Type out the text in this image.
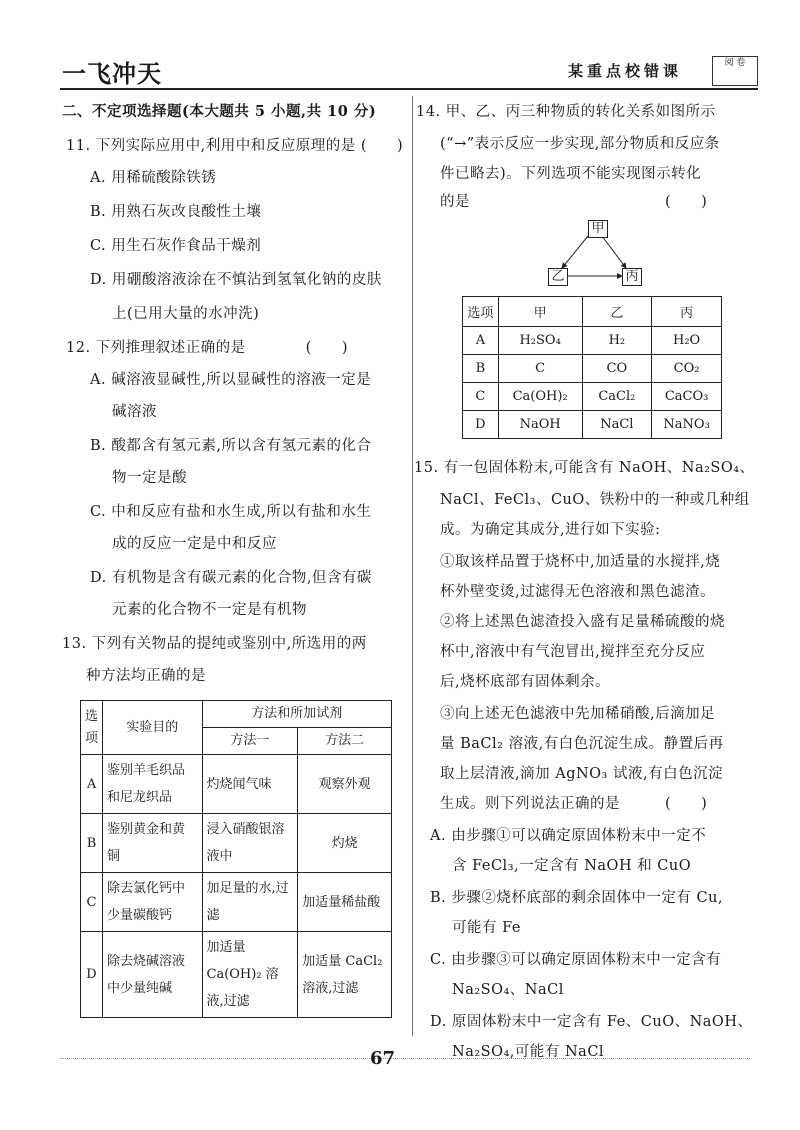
一飞冲天	某重点校错课	阅 卷
二、不定项选择题(本大题共 5 小题,共 10 分)
11. 下列实际应用中,利用中和反应原理的是 (　　)
A. 用稀硫酸除铁锈
B. 用熟石灰改良酸性土壤
C. 用生石灰作食品干燥剂
D. 用硼酸溶液涂在不慎沾到氢氧化钠的皮肤
上(已用大量的水冲洗)
12. 下列推理叙述正确的是　　　　(　　)
A. 碱溶液显碱性,所以显碱性的溶液一定是
碱溶液
B. 酸都含有氢元素,所以含有氢元素的化合
物一定是酸
C. 中和反应有盐和水生成,所以有盐和水生
成的反应一定是中和反应
D. 有机物是含有碳元素的化合物,但含有碳
元素的化合物不一定是有机物
13. 下列有关物品的提纯或鉴别中,所选用的两
种方法均正确的是
选项	实验目的	方法和所加试剂	
		方法一	方法二
A	鉴别羊毛织品和尼龙织品	灼烧闻气味	观察外观
B	鉴别黄金和黄铜	浸入硝酸银溶液中	灼烧
C	除去氯化钙中少量碳酸钙	加足量的水,过滤	加适量稀盐酸
D	除去烧碱溶液中少量纯碱	加适量 Ca(OH)₂ 溶液,过滤	加适量 CaCl₂ 溶液,过滤
14. 甲、乙、丙三种物质的转化关系如图所示
(“→”表示反应一步实现,部分物质和反应条
件已略去)。下列选项不能实现图示转化
的是　　　　　　　　　　　　　(　　)
甲
乙	丙
选项	甲	乙	丙
A	H₂SO₄	H₂	H₂O
B	C	CO	CO₂
C	Ca(OH)₂	CaCl₂	CaCO₃
D	NaOH	NaCl	NaNO₃
15. 有一包固体粉末,可能含有 NaOH、Na₂SO₄、
NaCl、FeCl₃、CuO、铁粉中的一种或几种组
成。为确定其成分,进行如下实验:
①取该样品置于烧杯中,加适量的水搅拌,烧
杯外壁变烫,过滤得无色溶液和黑色滤渣。
②将上述黑色滤渣投入盛有足量稀硫酸的烧
杯中,溶液中有气泡冒出,搅拌至充分反应
后,烧杯底部有固体剩余。
③向上述无色滤液中先加稀硝酸,后滴加足
量 BaCl₂ 溶液,有白色沉淀生成。静置后再
取上层清液,滴加 AgNO₃ 试液,有白色沉淀
生成。则下列说法正确的是　　　(　　)
A. 由步骤①可以确定原固体粉末中一定不
含 FeCl₃,一定含有 NaOH 和 CuO
B. 步骤②烧杯底部的剩余固体中一定有 Cu,
可能有 Fe
C. 由步骤③可以确定原固体粉末中一定含有
Na₂SO₄、NaCl
D. 原固体粉末中一定含有 Fe、CuO、NaOH、
Na₂SO₄,可能有 NaCl
67
